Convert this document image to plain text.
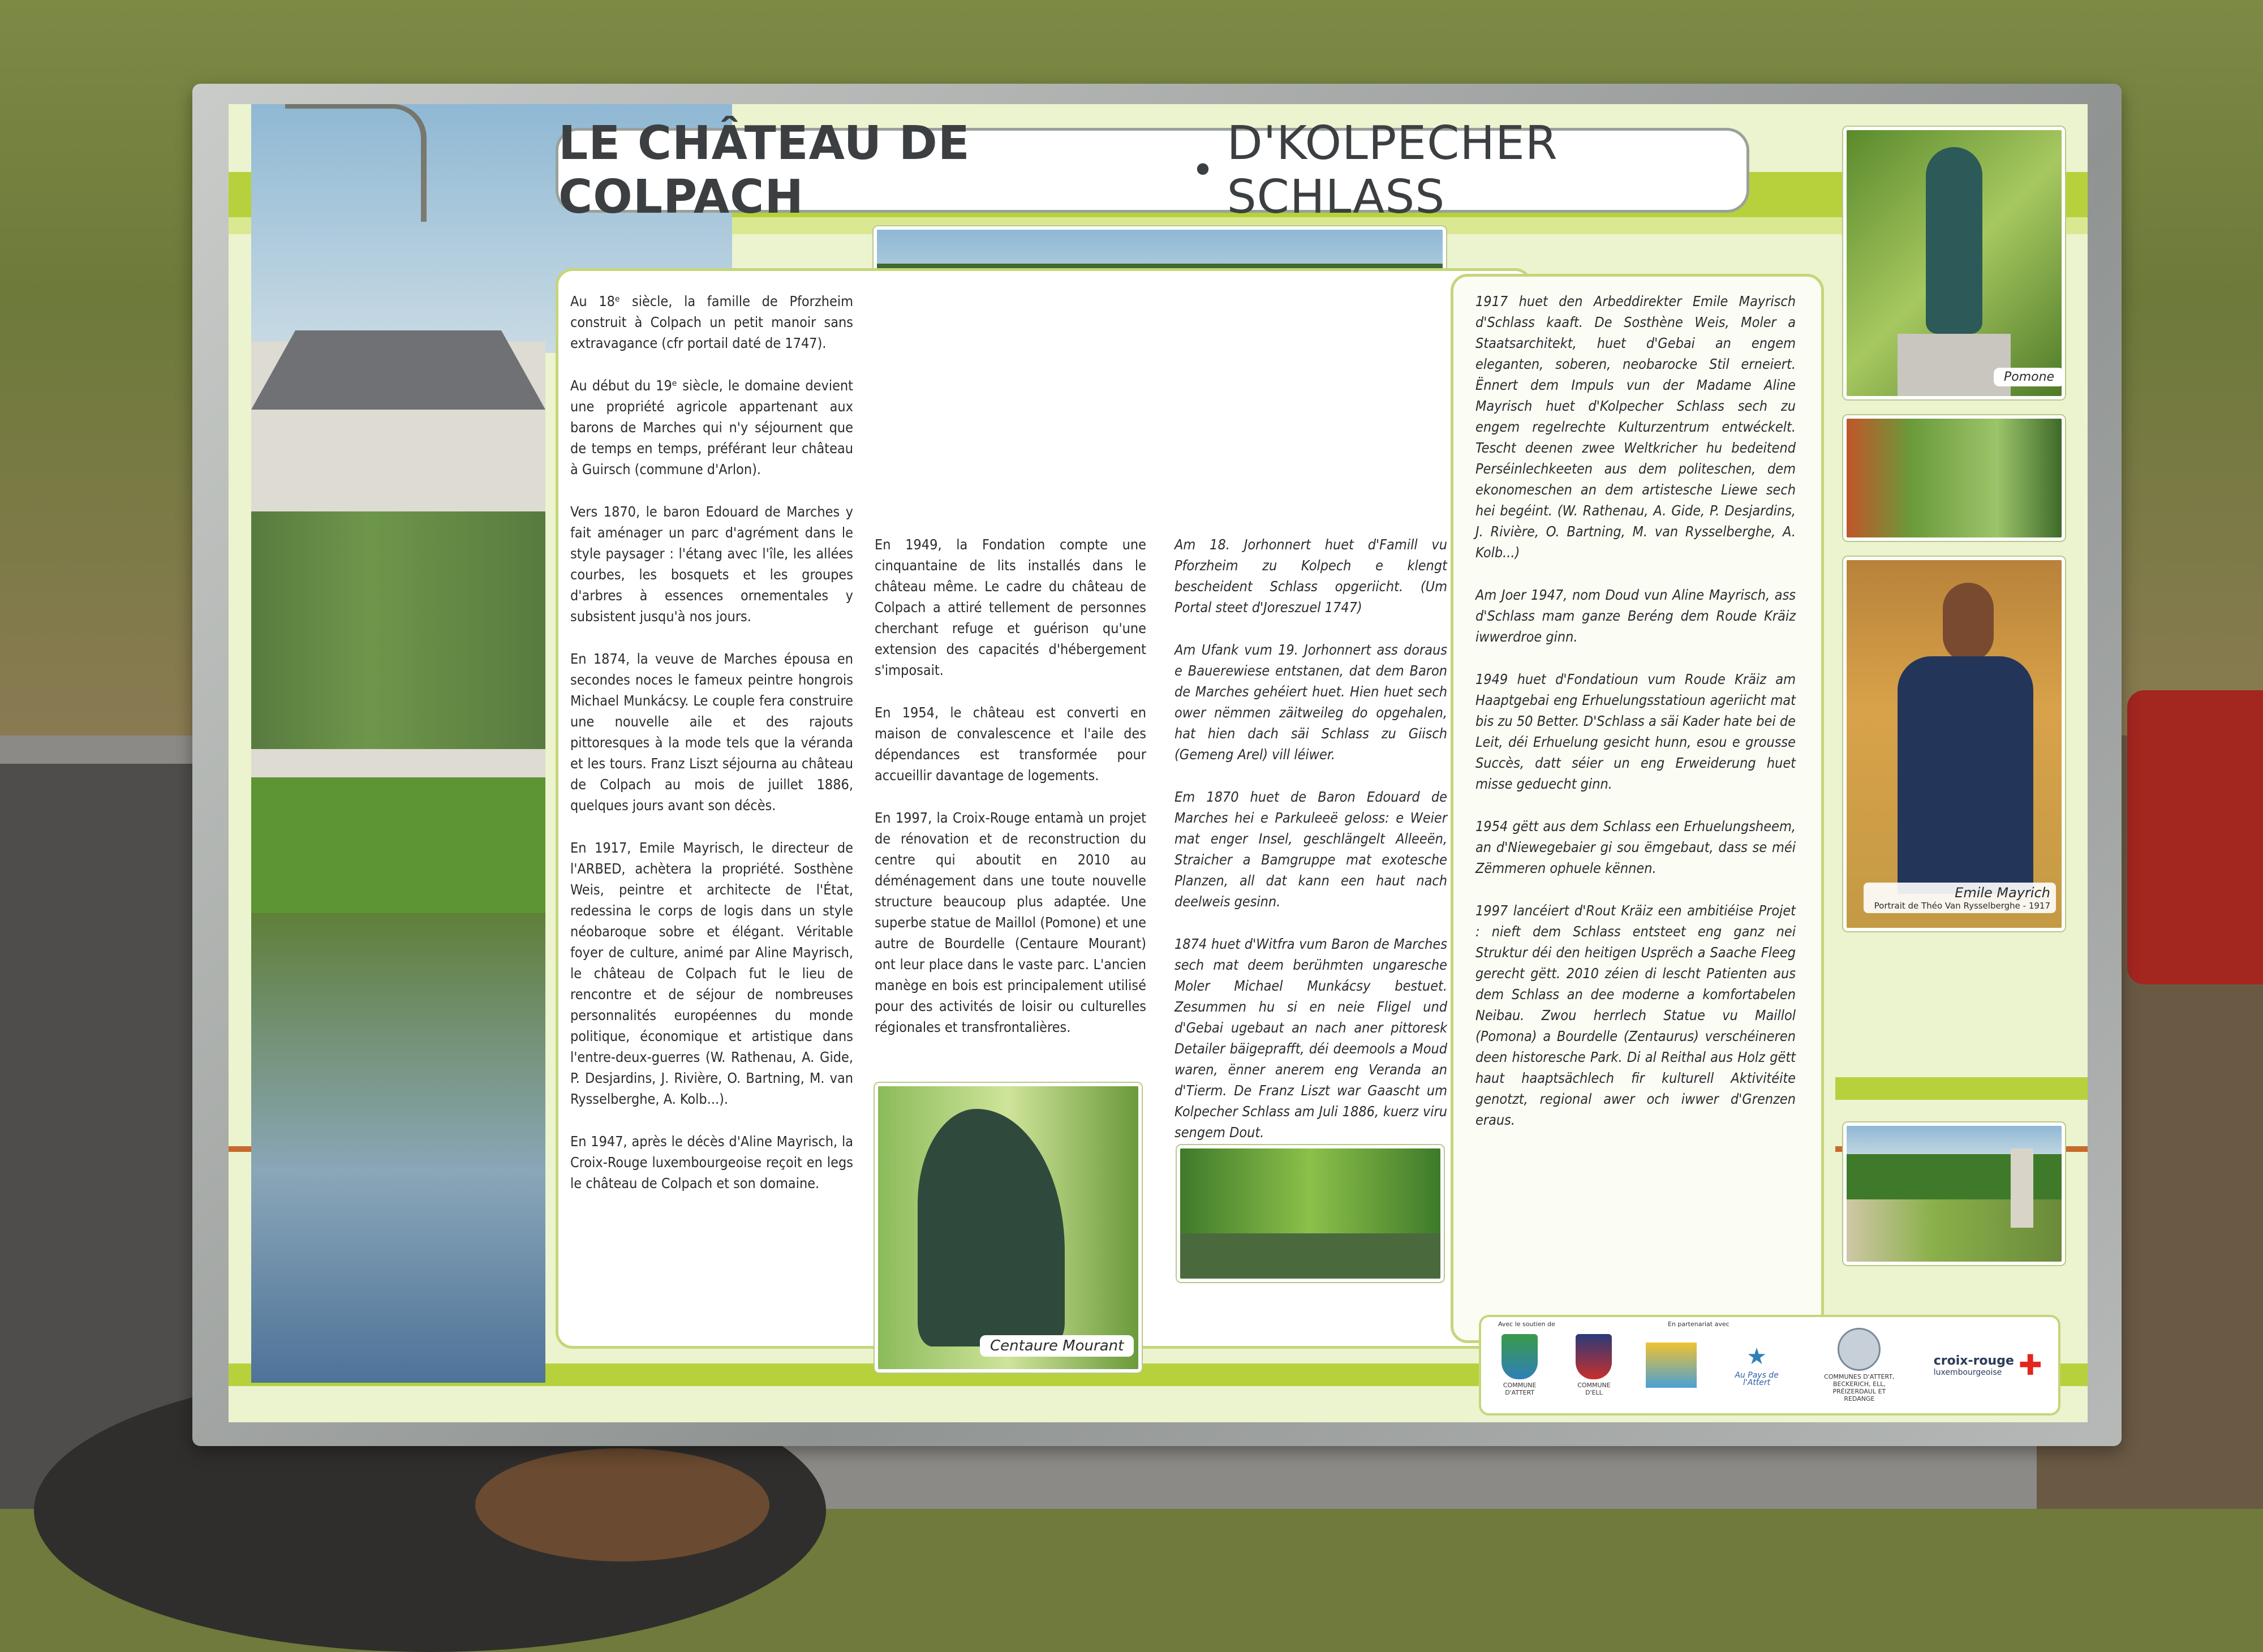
LE CHÂTEAU DE COLPACH	• D'KOLPECHER SCHLASS

Au 18ᵉ siècle, la famille de Pforzheim construit à Colpach un petit manoir sans extravagance (cfr portail daté de 1747).

Au début du 19ᵉ siècle, le domaine devient une propriété agricole appartenant aux barons de Marches qui n'y séjournent que de temps en temps, préférant leur château à Guirsch (commune d'Arlon).

Vers 1870, le baron Edouard de Marches y fait aménager un parc d'agrément dans le style paysager : l'étang avec l'île, les allées courbes, les bosquets et les groupes d'arbres à essences ornementales y subsistent jusqu'à nos jours.

En 1874, la veuve de Marches épousa en secondes noces le fameux peintre hongrois Michael Munkácsy. Le couple fera construire une nouvelle aile et des rajouts pittoresques à la mode tels que la véranda et les tours. Franz Liszt séjourna au château de Colpach au mois de juillet 1886, quelques jours avant son décès.

En 1917, Emile Mayrisch, le directeur de l'ARBED, achètera la propriété. Sosthène Weis, peintre et architecte de l'État, redessina le corps de logis dans un style néobaroque sobre et élégant. Véritable foyer de culture, animé par Aline Mayrisch, le château de Colpach fut le lieu de rencontre et de séjour de nombreuses personnalités européennes du monde politique, économique et artistique dans l'entre-deux-guerres (W. Rathenau, A. Gide, P. Desjardins, J. Rivière, O. Bartning, M. van Rysselberghe, A. Kolb...).

En 1947, après le décès d'Aline Mayrisch, la Croix-Rouge luxembourgeoise reçoit en legs le château de Colpach et son domaine.

En 1949, la Fondation compte une cinquantaine de lits installés dans le château même. Le cadre du château de Colpach a attiré tellement de personnes cherchant refuge et guérison qu'une extension des capacités d'hébergement s'imposait.

En 1954, le château est converti en maison de convalescence et l'aile des dépendances est transformée pour accueillir davantage de logements.

En 1997, la Croix-Rouge entamà un projet de rénovation et de reconstruction du centre qui aboutit en 2010 au déménagement dans une toute nouvelle structure beaucoup plus adaptée. Une superbe statue de Maillol (Pomone) et une autre de Bourdelle (Centaure Mourant) ont leur place dans le vaste parc. L'ancien manège en bois est principalement utilisé pour des activités de loisir ou culturelles régionales et transfrontalières.

Am 18. Jorhonnert huet d'Famill vu Pforzheim zu Kolpech e klengt bescheident Schlass opgeriicht. (Um Portal steet d'Joreszuel 1747)

Am Ufank vum 19. Jorhonnert ass doraus e Bauerewiese entstanen, dat dem Baron de Marches gehéiert huet. Hien huet sech ower nëmmen zäitweileg do opgehalen, hat hien dach säi Schlass zu Giisch (Gemeng Arel) vill léiwer.

Em 1870 huet de Baron Edouard de Marches hei e Parkuleeë geloss: e Weier mat enger Insel, geschlängelt Alleeën, Straicher a Bamgruppe mat exotesche Planzen, all dat kann een haut nach deelweis gesinn.

1874 huet d'Witfra vum Baron de Marches sech mat deem berühmten ungaresche Moler Michael Munkácsy bestuet. Zesummen hu si en neie Fligel und d'Gebai ugebaut an nach aner pittoresk Detailer bäigeprafft, déi deemools a Moud waren, ënner anerem eng Veranda an d'Tierm. De Franz Liszt war Gaascht um Kolpecher Schlass am Juli 1886, kuerz viru sengem Dout.

1917 huet den Arbeddirekter Emile Mayrisch d'Schlass kaaft. De Sosthène Weis, Moler a Staatsarchitekt, huet d'Gebai an engem eleganten, soberen, neobarocke Stil erneiert. Ënnert dem Impuls vun der Madame Aline Mayrisch huet d'Kolpecher Schlass sech zu engem regelrechte Kulturzentrum entwéckelt. Tescht deenen zwee Weltkricher hu bedeitend Perséinlechkeeten aus dem politeschen, dem ekonomeschen an dem artistesche Liewe sech hei begéint. (W. Rathenau, A. Gide, P. Desjardins, J. Rivière, O. Bartning, M. van Rysselberghe, A. Kolb...)

Am Joer 1947, nom Doud vun Aline Mayrisch, ass d'Schlass mam ganze Beréng dem Roude Kräiz iwwerdroe ginn.

1949 huet d'Fondatioun vum Roude Kräiz am Haaptgebai eng Erhuelungsstatioun ageriicht mat bis zu 50 Better. D'Schlass a säi Kader hate bei de Leit, déi Erhuelung gesicht hunn, esou e grousse Succès, datt séier un eng Erweiderung huet misse geduecht ginn.

1954 gëtt aus dem Schlass een Erhuelungsheem, an d'Niewegebaier gi sou ëmgebaut, dass se méi Zëmmeren ophuele kënnen.

1997 lancéiert d'Rout Kräiz een ambitiéise Projet : nieft dem Schlass entsteet eng ganz nei Struktur déi den heitigen Usprëch a Saache Fleeg gerecht gëtt. 2010 zéien di lescht Patienten aus dem Schlass an dee moderne a komfortabelen Neibau. Zwou herrlech Statue vu Maillol (Pomona) a Bourdelle (Zentaurus) verschéineren deen historesche Park. Di al Reithal aus Holz gëtt haut haaptsächlech fir kulturell Aktivitéite genotzt, regional awer och iwwer d'Grenzen eraus.

Centaure Mourant
Pomone
Emile Mayrich
Portrait de Théo Van Rysselberghe - 1917
Avec le soutien de	En partenariat avec
COMMUNE D'ATTERT
COMMUNE D'ELL
★
Au Pays de l'Attert
COMMUNES D'ATTERT, BECKERICH, ELL, PRÉIZERDAUL ET REDANGE
croix-rouge
luxembourgeoise ✚
